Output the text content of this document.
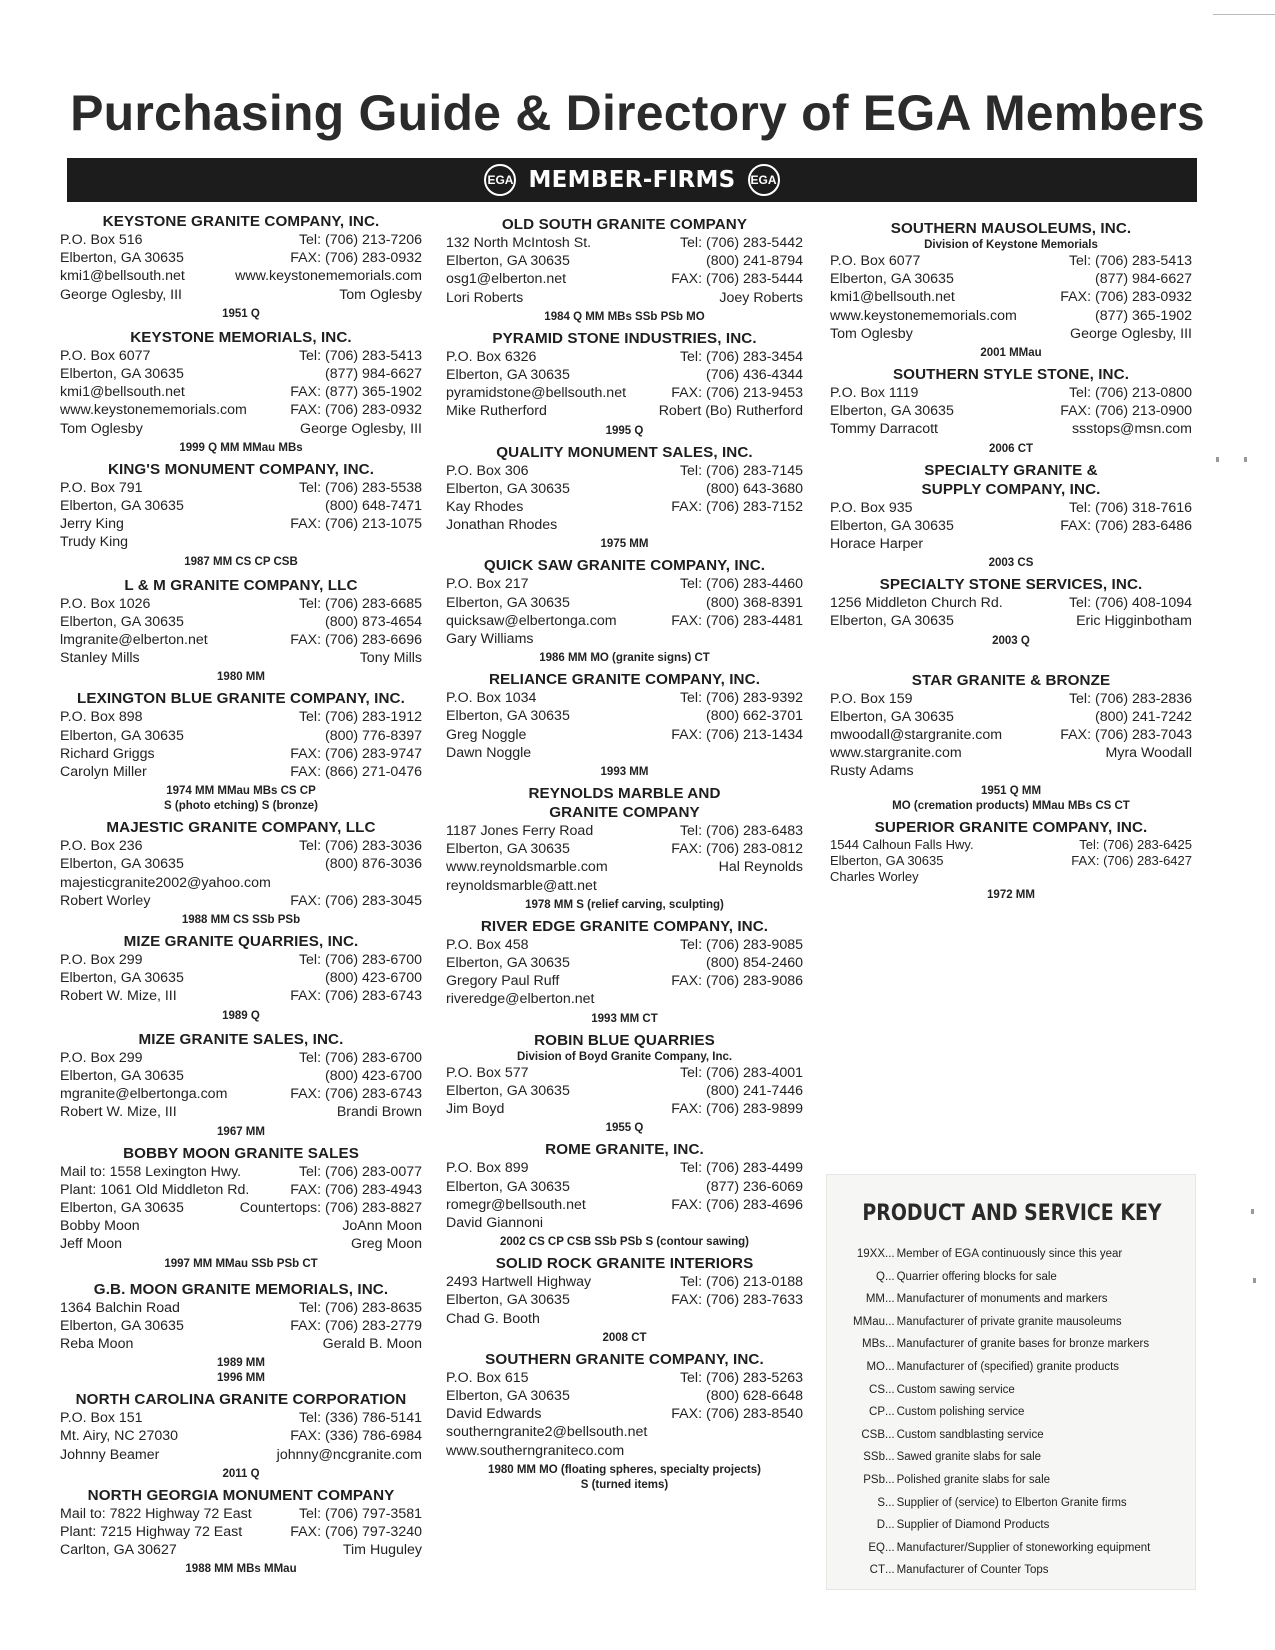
Purchasing Guide & Directory of EGA Members
EGA MEMBER-FIRMS EGA
KEYSTONE GRANITE COMPANY, INC.
P.O. Box 516	Tel: (706) 213-7206
Elberton, GA 30635	FAX: (706) 283-0932
kmi1@bellsouth.net	www.keystonememorials.com
George Oglesby, III	Tom Oglesby
1951 Q
KEYSTONE MEMORIALS, INC.
P.O. Box 6077	Tel: (706) 283-5413
Elberton, GA 30635	(877) 984-6627
kmi1@bellsouth.net	FAX: (877) 365-1902
www.keystonememorials.com	FAX: (706) 283-0932
Tom Oglesby	George Oglesby, III
1999 Q MM MMau MBs
KING'S MONUMENT COMPANY, INC.
P.O. Box 791	Tel: (706) 283-5538
Elberton, GA 30635	(800) 648-7471
Jerry King	FAX: (706) 213-1075
Trudy King
1987 MM CS CP CSB
L & M GRANITE COMPANY, LLC
P.O. Box 1026	Tel: (706) 283-6685
Elberton, GA 30635	(800) 873-4654
lmgranite@elberton.net	FAX: (706) 283-6696
Stanley Mills	Tony Mills
1980 MM
LEXINGTON BLUE GRANITE COMPANY, INC.
P.O. Box 898	Tel: (706) 283-1912
Elberton, GA 30635	(800) 776-8397
Richard Griggs	FAX: (706) 283-9747
Carolyn Miller	FAX: (866) 271-0476
1974 MM MMau MBs CS CP
S (photo etching) S (bronze)
MAJESTIC GRANITE COMPANY, LLC
P.O. Box 236	Tel: (706) 283-3036
Elberton, GA 30635	(800) 876-3036
majesticgranite2002@yahoo.com
Robert Worley	FAX: (706) 283-3045
1988 MM CS SSb PSb
MIZE GRANITE QUARRIES, INC.
P.O. Box 299	Tel: (706) 283-6700
Elberton, GA 30635	(800) 423-6700
Robert W. Mize, III	FAX: (706) 283-6743
1989 Q
MIZE GRANITE SALES, INC.
P.O. Box 299	Tel: (706) 283-6700
Elberton, GA 30635	(800) 423-6700
mgranite@elbertonga.com	FAX: (706) 283-6743
Robert W. Mize, III	Brandi Brown
1967 MM
BOBBY MOON GRANITE SALES
Mail to: 1558 Lexington Hwy.	Tel: (706) 283-0077
Plant: 1061 Old Middleton Rd.	FAX: (706) 283-4943
Elberton, GA 30635	Countertops: (706) 283-8827
Bobby Moon	JoAnn Moon
Jeff Moon	Greg Moon
1997 MM MMau SSb PSb CT
G.B. MOON GRANITE MEMORIALS, INC.
1364 Balchin Road	Tel: (706) 283-8635
Elberton, GA 30635	FAX: (706) 283-2779
Reba Moon	Gerald B. Moon
1989 MM
1996 MM
NORTH CAROLINA GRANITE CORPORATION
P.O. Box 151	Tel: (336) 786-5141
Mt. Airy, NC 27030	FAX: (336) 786-6984
Johnny Beamer	johnny@ncgranite.com
2011 Q
NORTH GEORGIA MONUMENT COMPANY
Mail to: 7822 Highway 72 East	Tel: (706) 797-3581
Plant: 7215 Highway 72 East	FAX: (706) 797-3240
Carlton, GA 30627	Tim Huguley
1988 MM MBs MMau
OLD SOUTH GRANITE COMPANY
132 North McIntosh St.	Tel: (706) 283-5442
Elberton, GA 30635	(800) 241-8794
osg1@elberton.net	FAX: (706) 283-5444
Lori Roberts	Joey Roberts
1984 Q MM MBs SSb PSb MO
PYRAMID STONE INDUSTRIES, INC.
P.O. Box 6326	Tel: (706) 283-3454
Elberton, GA 30635	(706) 436-4344
pyramidstone@bellsouth.net	FAX: (706) 213-9453
Mike Rutherford	Robert (Bo) Rutherford
1995 Q
QUALITY MONUMENT SALES, INC.
P.O. Box 306	Tel: (706) 283-7145
Elberton, GA 30635	(800) 643-3680
Kay Rhodes	FAX: (706) 283-7152
Jonathan Rhodes
1975 MM
QUICK SAW GRANITE COMPANY, INC.
P.O. Box 217	Tel: (706) 283-4460
Elberton, GA 30635	(800) 368-8391
quicksaw@elbertonga.com	FAX: (706) 283-4481
Gary Williams
1986 MM MO (granite signs) CT
RELIANCE GRANITE COMPANY, INC.
P.O. Box 1034	Tel: (706) 283-9392
Elberton, GA 30635	(800) 662-3701
Greg Noggle	FAX: (706) 213-1434
Dawn Noggle
1993 MM
REYNOLDS MARBLE AND
GRANITE COMPANY
1187 Jones Ferry Road	Tel: (706) 283-6483
Elberton, GA 30635	FAX: (706) 283-0812
www.reynoldsmarble.com	Hal Reynolds
reynoldsmarble@att.net
1978 MM S (relief carving, sculpting)
RIVER EDGE GRANITE COMPANY, INC.
P.O. Box 458	Tel: (706) 283-9085
Elberton, GA 30635	(800) 854-2460
Gregory Paul Ruff	FAX: (706) 283-9086
riveredge@elberton.net
1993 MM CT
ROBIN BLUE QUARRIES
Division of Boyd Granite Company, Inc.
P.O. Box 577	Tel: (706) 283-4001
Elberton, GA 30635	(800) 241-7446
Jim Boyd	FAX: (706) 283-9899
1955 Q
ROME GRANITE, INC.
P.O. Box 899	Tel: (706) 283-4499
Elberton, GA 30635	(877) 236-6069
romegr@bellsouth.net	FAX: (706) 283-4696
David Giannoni
2002 CS CP CSB SSb PSb S (contour sawing)
SOLID ROCK GRANITE INTERIORS
2493 Hartwell Highway	Tel: (706) 213-0188
Elberton, GA 30635	FAX: (706) 283-7633
Chad G. Booth
2008 CT
SOUTHERN GRANITE COMPANY, INC.
P.O. Box 615	Tel: (706) 283-5263
Elberton, GA 30635	(800) 628-6648
David Edwards	FAX: (706) 283-8540
southerngranite2@bellsouth.net
www.southerngraniteco.com
1980 MM MO (floating spheres, specialty projects)
S (turned items)
SOUTHERN MAUSOLEUMS, INC.
Division of Keystone Memorials
P.O. Box 6077	Tel: (706) 283-5413
Elberton, GA 30635	(877) 984-6627
kmi1@bellsouth.net	FAX: (706) 283-0932
www.keystonememorials.com	(877) 365-1902
Tom Oglesby	George Oglesby, III
2001 MMau
SOUTHERN STYLE STONE, INC.
P.O. Box 1119	Tel: (706) 213-0800
Elberton, GA 30635	FAX: (706) 213-0900
Tommy Darracott	ssstops@msn.com
2006 CT
SPECIALTY GRANITE &
SUPPLY COMPANY, INC.
P.O. Box 935	Tel: (706) 318-7616
Elberton, GA 30635	FAX: (706) 283-6486
Horace Harper
2003 CS
SPECIALTY STONE SERVICES, INC.
1256 Middleton Church Rd.	Tel: (706) 408-1094
Elberton, GA 30635	Eric Higginbotham
2003 Q
STAR GRANITE & BRONZE
P.O. Box 159	Tel: (706) 283-2836
Elberton, GA 30635	(800) 241-7242
mwoodall@stargranite.com	FAX: (706) 283-7043
www.stargranite.com	Myra Woodall
Rusty Adams
1951 Q MM
MO (cremation products) MMau MBs CS CT
SUPERIOR GRANITE COMPANY, INC.
1544 Calhoun Falls Hwy.	Tel: (706) 283-6425
Elberton, GA 30635	FAX: (706) 283-6427
Charles Worley
1972 MM
PRODUCT AND SERVICE KEY
19XX ... Member of EGA continuously since this year
Q ... Quarrier offering blocks for sale
MM ... Manufacturer of monuments and markers
MMau ... Manufacturer of private granite mausoleums
MBs ... Manufacturer of granite bases for bronze markers
MO ... Manufacturer of (specified) granite products
CS ... Custom sawing service
CP ... Custom polishing service
CSB ... Custom sandblasting service
SSb ... Sawed granite slabs for sale
PSb ... Polished granite slabs for sale
S ... Supplier of (service) to Elberton Granite firms
D ... Supplier of Diamond Products
EQ ... Manufacturer/Supplier of stoneworking equipment
CT ... Manufacturer of Counter Tops
